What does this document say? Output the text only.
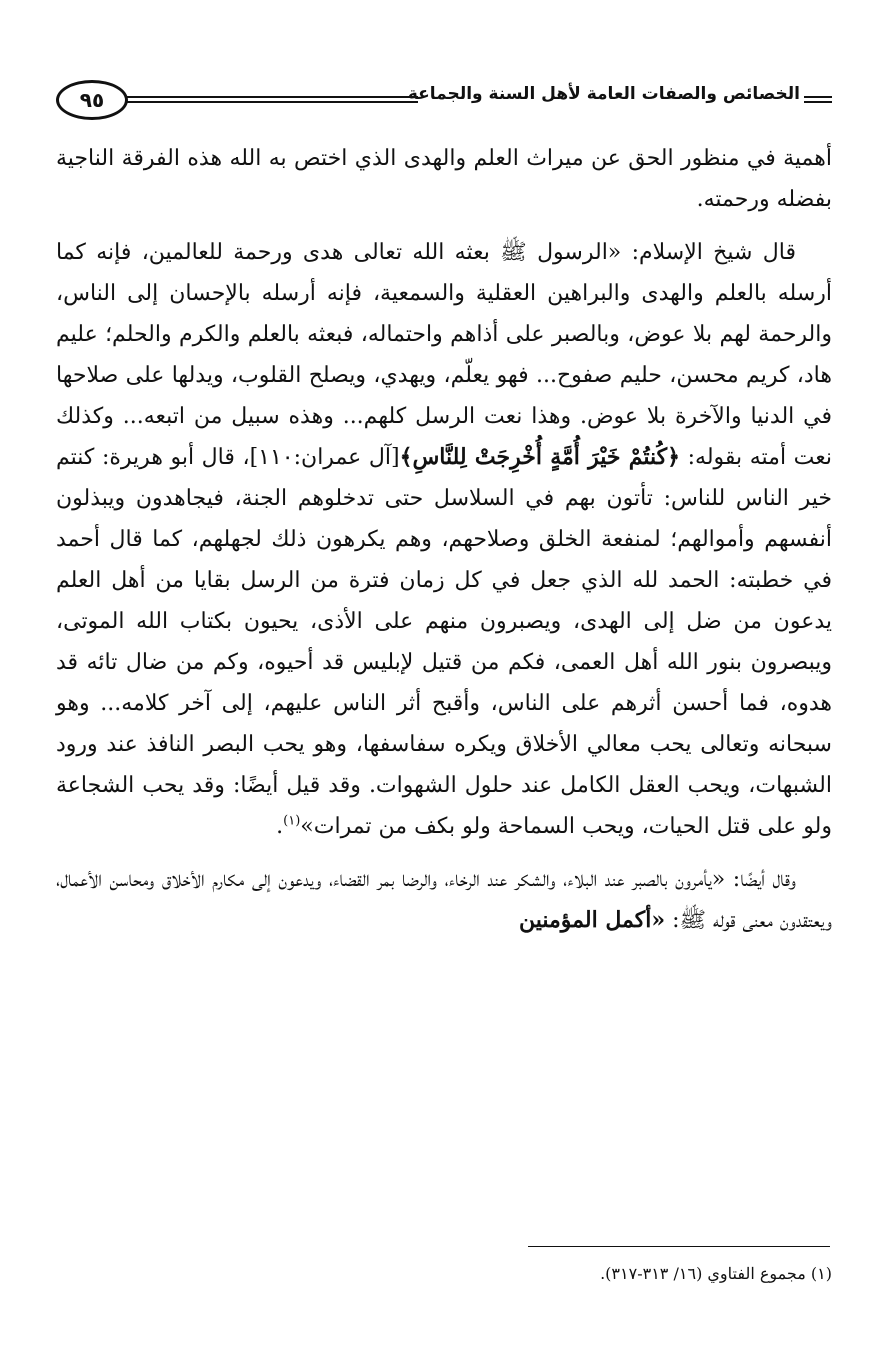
٩٥	الخصائص والصفات العامة لأهل السنة والجماعة

أهمية في منظور الحق عن ميراث العلم والهدى الذي اختص به الله هذه الفرقة الناجية بفضله ورحمته.

قال شيخ الإسلام: «الرسول ﷺ بعثه الله تعالى هدى ورحمة للعالمين، فإنه كما أرسله بالعلم والهدى والبراهين العقلية والسمعية، فإنه أرسله بالإحسان إلى الناس، والرحمة لهم بلا عوض، وبالصبر على أذاهم واحتماله، فبعثه بالعلم والكرم والحلم؛ عليم هاد، كريم محسن، حليم صفوح... فهو يعلّم، ويهدي، ويصلح القلوب، ويدلها على صلاحها في الدنيا والآخرة بلا عوض. وهذا نعت الرسل كلهم... وهذه سبيل من اتبعه... وكذلك نعت أمته بقوله: ﴿كُنتُمْ خَيْرَ أُمَّةٍ أُخْرِجَتْ لِلنَّاسِ﴾[آل عمران:١١٠]، قال أبو هريرة: كنتم خير الناس للناس: تأتون بهم في السلاسل حتى تدخلوهم الجنة، فيجاهدون ويبذلون أنفسهم وأموالهم؛ لمنفعة الخلق وصلاحهم، وهم يكرهون ذلك لجهلهم، كما قال أحمد في خطبته: الحمد لله الذي جعل في كل زمان فترة من الرسل بقايا من أهل العلم يدعون من ضل إلى الهدى، ويصبرون منهم على الأذى، يحيون بكتاب الله الموتى، ويبصرون بنور الله أهل العمى، فكم من قتيل لإبليس قد أحيوه، وكم من ضال تائه قد هدوه، فما أحسن أثرهم على الناس، وأقبح أثر الناس عليهم، إلى آخر كلامه... وهو سبحانه وتعالى يحب معالي الأخلاق ويكره سفاسفها، وهو يحب البصر النافذ عند ورود الشبهات، ويحب العقل الكامل عند حلول الشهوات. وقد قيل أيضًا: وقد يحب الشجاعة ولو على قتل الحيات، ويحب السماحة ولو بكف من تمرات»$^{(١)}$.

وقال أيضًا: «يأمرون بالصبر عند البلاء، والشكر عند الرخاء، والرضا بمر القضاء، ويدعون إلى مكارم الأخلاق ومحاسن الأعمال، ويعتقدون معنى قوله ﷺ: «أكمل المؤمنين

(١) مجموع الفتاوي (١٦/ ٣١٣-٣١٧).
